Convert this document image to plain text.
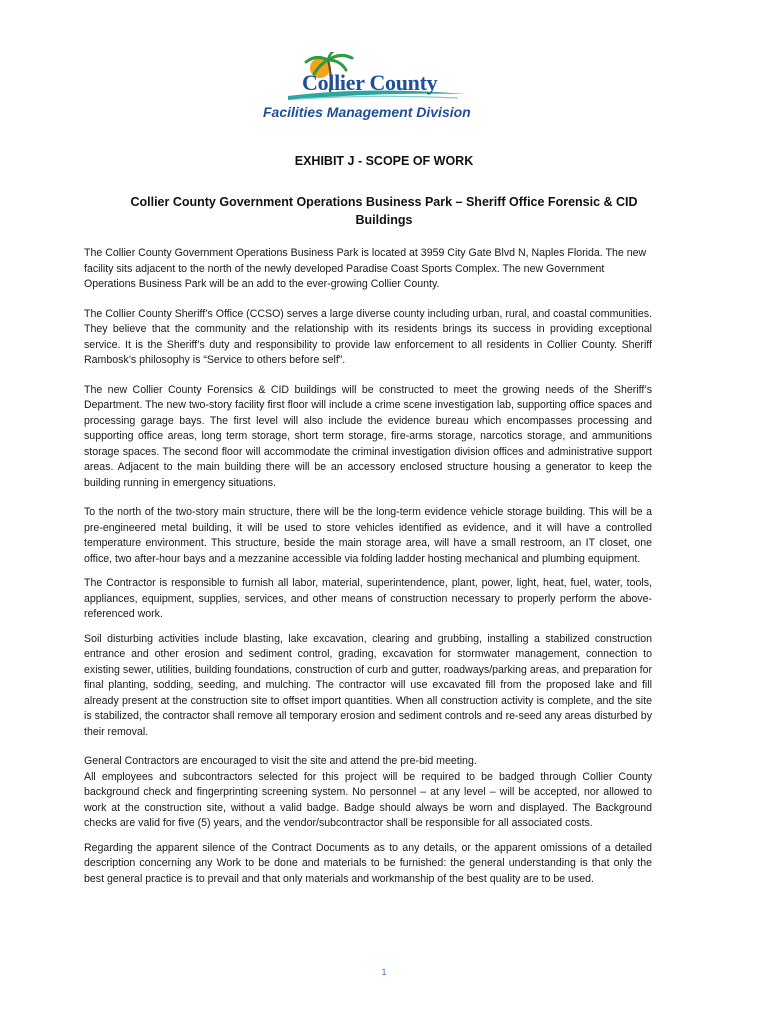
Collier County
Facilities Management Division
EXHIBIT J - SCOPE OF WORK
Collier County Government Operations Business Park – Sheriff Office Forensic & CID Buildings

The Collier County Government Operations Business Park is located at 3959 City Gate Blvd N, Naples Florida. The new facility sits adjacent to the north of the newly developed Paradise Coast Sports Complex. The new Government Operations Business Park will be an add to the ever-growing Collier County.

The Collier County Sheriff’s Office (CCSO) serves a large diverse county including urban, rural, and coastal communities. They believe that the community and the relationship with its residents brings its success in providing exceptional service. It is the Sheriff’s duty and responsibility to provide law enforcement to all residents in Collier County. Sheriff Rambosk’s philosophy is “Service to others before self”.

The new Collier County Forensics & CID buildings will be constructed to meet the growing needs of the Sheriff’s Department. The new two-story facility first floor will include a crime scene investigation lab, supporting office spaces and processing garage bays. The first level will also include the evidence bureau which encompasses processing and supporting office areas, long term storage, short term storage, fire-arms storage, narcotics storage, and ammunitions storage spaces. The second floor will accommodate the criminal investigation division offices and administrative support areas. Adjacent to the main building there will be an accessory enclosed structure housing a generator to keep the building running in emergency situations.

To the north of the two-story main structure, there will be the long-term evidence vehicle storage building. This will be a pre-engineered metal building, it will be used to store vehicles identified as evidence, and it will have a controlled temperature environment. This structure, beside the main storage area, will have a small restroom, an IT closet, one office, two after-hour bays and a mezzanine accessible via folding ladder hosting mechanical and plumbing equipment.

The Contractor is responsible to furnish all labor, material, superintendence, plant, power, light, heat, fuel, water, tools, appliances, equipment, supplies, services, and other means of construction necessary to properly perform the above-referenced work.

Soil disturbing activities include blasting, lake excavation, clearing and grubbing, installing a stabilized construction entrance and other erosion and sediment control, grading, excavation for stormwater management, connection to existing sewer, utilities, building foundations, construction of curb and gutter, roadways/parking areas, and preparation for final planting, sodding, seeding, and mulching. The contractor will use excavated fill from the proposed lake and fill already present at the construction site to offset import quantities. When all construction activity is complete, and the site is stabilized, the contractor shall remove all temporary erosion and sediment controls and re-seed any areas disturbed by their removal.

General Contractors are encouraged to visit the site and attend the pre-bid meeting.

All employees and subcontractors selected for this project will be required to be badged through Collier County background check and fingerprinting screening system. No personnel – at any level – will be accepted, nor allowed to work at the construction site, without a valid badge. Badge should always be worn and displayed. The Background checks are valid for five (5) years, and the vendor/subcontractor shall be responsible for all associated costs.

Regarding the apparent silence of the Contract Documents as to any details, or the apparent omissions of a detailed description concerning any Work to be done and materials to be furnished: the general understanding is that only the best general practice is to prevail and that only materials and workmanship of the best quality are to be used.

1
